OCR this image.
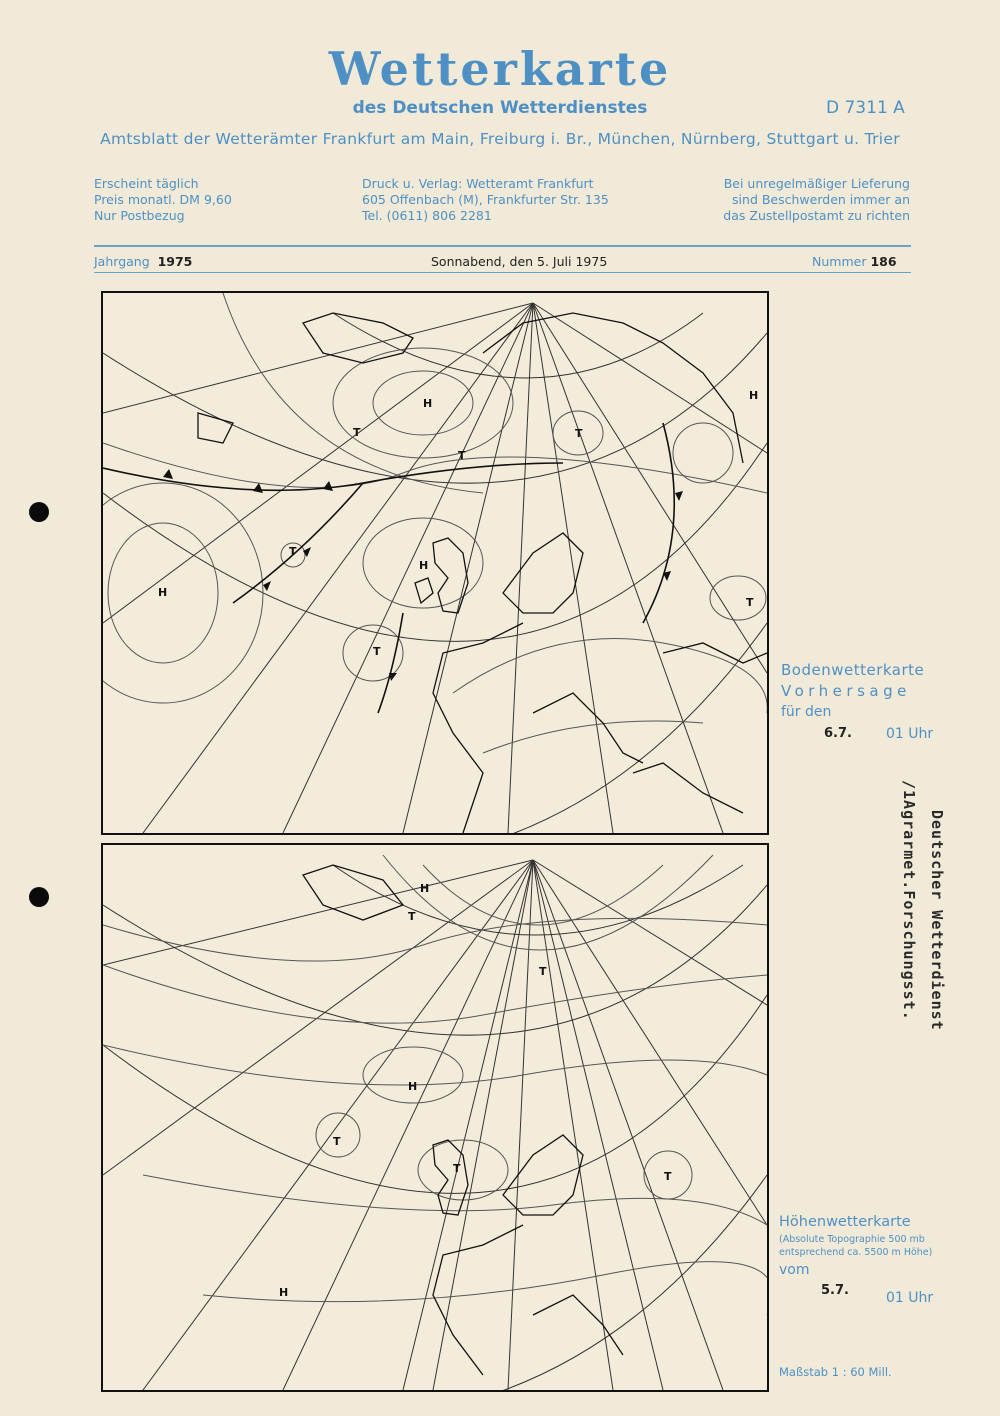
Wetterkarte
des Deutschen Wetterdienstes	D 7311 A
Amtsblatt der Wetterämter Frankfurt am Main, Freiburg i. Br., München, Nürnberg, Stuttgart u. Trier
Erscheint täglich
Preis monatl. DM 9,60
Nur Postbezug
Druck u. Verlag: Wetteramt Frankfurt
605 Offenbach (M), Frankfurter Str. 135
Tel. (0611) 806 2281
Bei unregelmäßiger Lieferung
sind Beschwerden immer an
das Zustellpostamt zu richten
Jahrgang 1975	Sonnabend, den 5. Juli 1975	Nummer 186
H
H
H
H
T
T
T
T
T
T
H
H
H
T
T
T
T
T
Bodenwetterkarte
Vorhersage
für den
6.7. 01 Uhr
Deutscher Wetterdienst
/1Agrarmet.Forschungsst.
Höhenwetterkarte
(Absolute Topographie 500 mb
entsprechend ca. 5500 m Höhe)
vom
5.7.	01 Uhr
Maßstab 1 : 60 Mill.
